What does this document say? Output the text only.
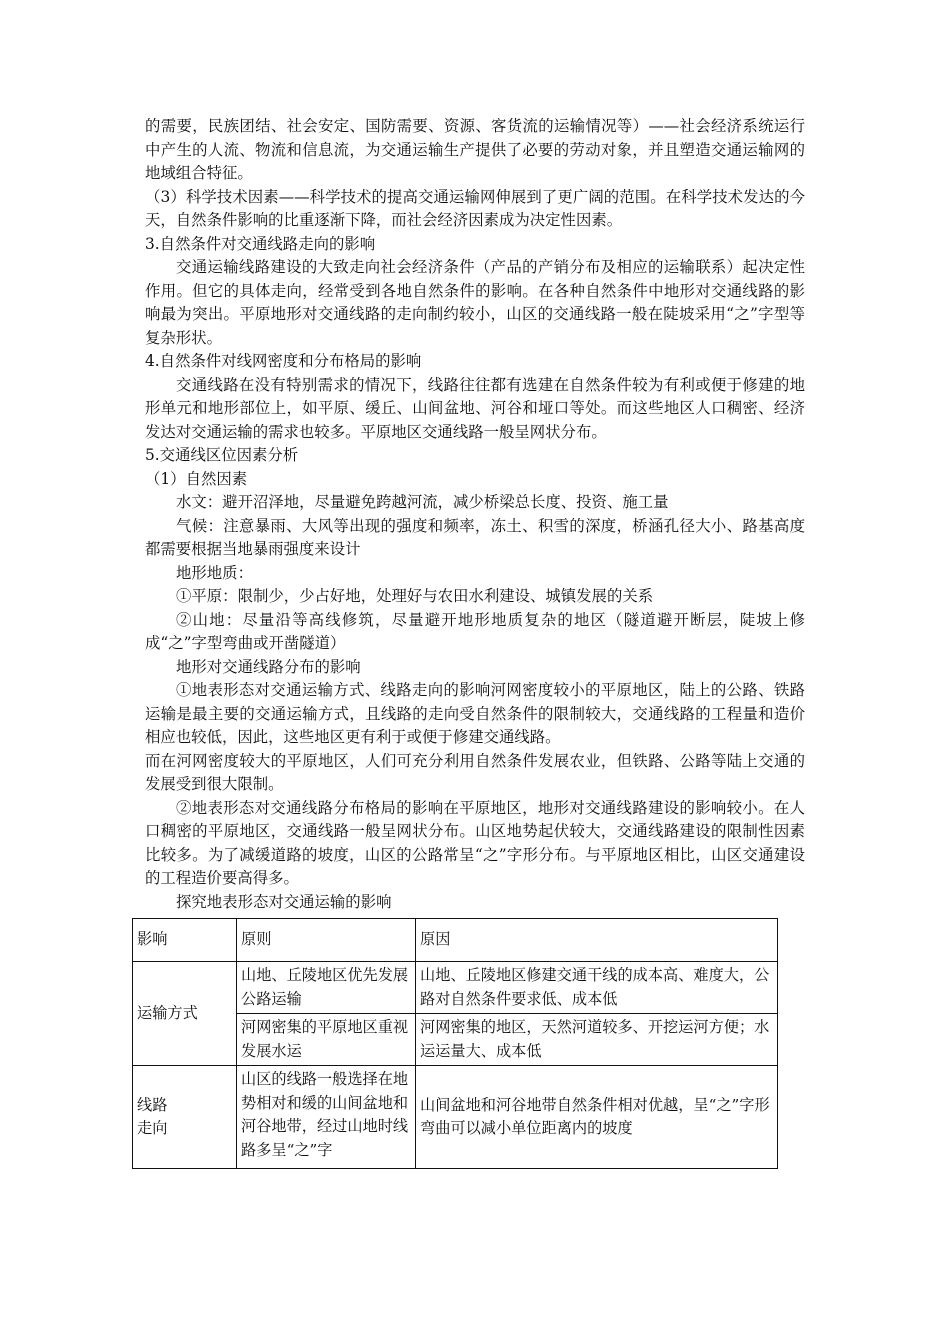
的需要，民族团结、社会安定、国防需要、资源、客货流的运输情况等）——社会经济系统运行中产生的人流、物流和信息流，为交通运输生产提供了必要的劳动对象，并且塑造交通运输网的地域组合特征。

（3）科学技术因素——科学技术的提高交通运输网伸展到了更广阔的范围。在科学技术发达的今天，自然条件影响的比重逐渐下降，而社会经济因素成为决定性因素。

3.自然条件对交通线路走向的影响

交通运输线路建设的大致走向社会经济条件（产品的产销分布及相应的运输联系）起决定性作用。但它的具体走向，经常受到各地自然条件的影响。在各种自然条件中地形对交通线路的影响最为突出。平原地形对交通线路的走向制约较小，山区的交通线路一般在陡坡采用“之”字型等复杂形状。

4.自然条件对线网密度和分布格局的影响

交通线路在没有特别需求的情况下，线路往往都有选建在自然条件较为有利或便于修建的地形单元和地形部位上，如平原、缓丘、山间盆地、河谷和垭口等处。而这些地区人口稠密、经济发达对交通运输的需求也较多。平原地区交通线路一般呈网状分布。

5.交通线区位因素分析

（1）自然因素

水文：避开沼泽地，尽量避免跨越河流，减少桥梁总长度、投资、施工量

气候：注意暴雨、大风等出现的强度和频率，冻土、积雪的深度，桥涵孔径大小、路基高度都需要根据当地暴雨强度来设计

地形地质：

①平原：限制少，少占好地，处理好与农田水利建设、城镇发展的关系

②山地：尽量沿等高线修筑，尽量避开地形地质复杂的地区（隧道避开断层，陡坡上修成“之”字型弯曲或开凿隧道）

地形对交通线路分布的影响

①地表形态对交通运输方式、线路走向的影响河网密度较小的平原地区，陆上的公路、铁路运输是最主要的交通运输方式，且线路的走向受自然条件的限制较大，交通线路的工程量和造价相应也较低，因此，这些地区更有利于或便于修建交通线路。

而在河网密度较大的平原地区，人们可充分利用自然条件发展农业，但铁路、公路等陆上交通的发展受到很大限制。

②地表形态对交通线路分布格局的影响在平原地区，地形对交通线路建设的影响较小。在人口稠密的平原地区，交通线路一般呈网状分布。山区地势起伏较大，交通线路建设的限制性因素比较多。为了减缓道路的坡度，山区的公路常呈“之”字形分布。与平原地区相比，山区交通建设的工程造价要高得多。

探究地表形态对交通运输的影响

影响	原则	原因
运输方式	山地、丘陵地区优先发展公路运输	山地、丘陵地区修建交通干线的成本高、难度大，公路对自然条件要求低、成本低
	河网密集的平原地区重视发展水运	河网密集的地区，天然河道较多、开挖运河方便；水运运量大、成本低

线路
走向	山区的线路一般选择在地势相对和缓的山间盆地和河谷地带，经过山地时线路多呈“之”字	山间盆地和河谷地带自然条件相对优越，呈“之”字形弯曲可以减小单位距离内的坡度
